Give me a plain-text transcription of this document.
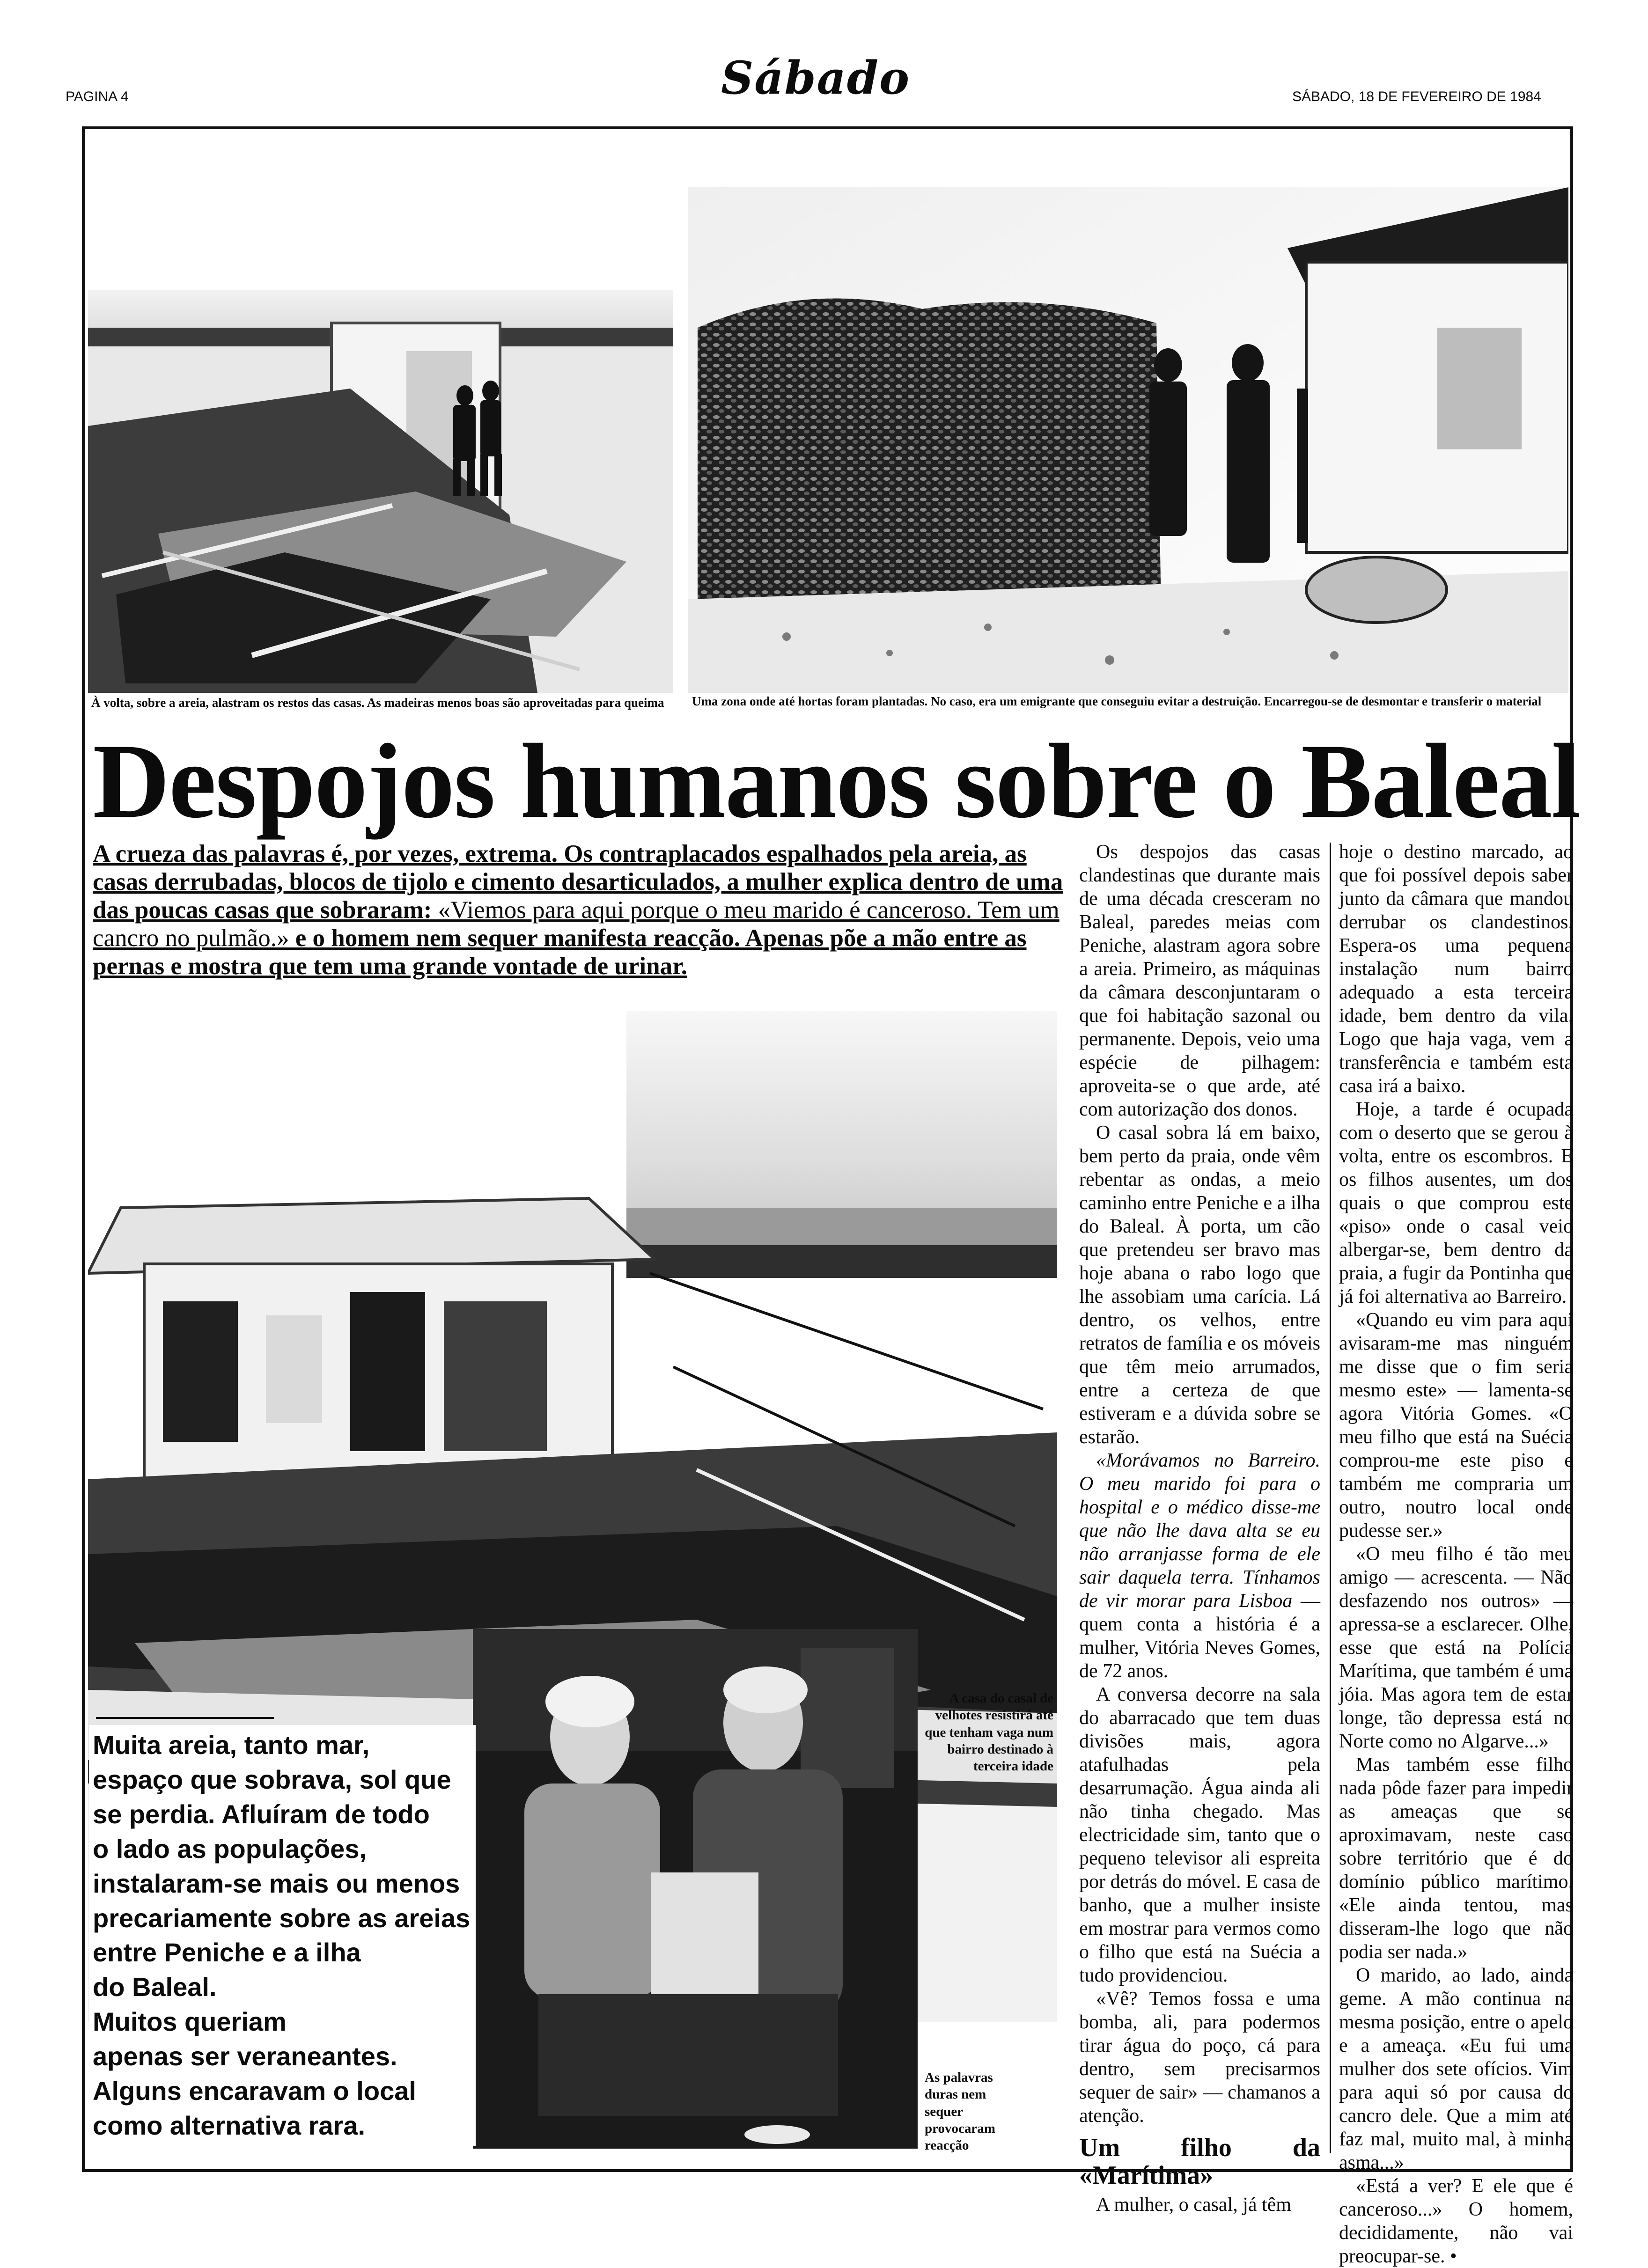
PAGINA 4	Sábado	SÁBADO, 18 DE FEVEREIRO DE 1984
À volta, sobre a areia, alastram os restos das casas. As madeiras menos boas são aproveitadas para queima Uma zona onde até hortas foram plantadas. No caso, era um emigrante que conseguiu evitar a destruição. Encarregou-se de desmontar e transferir o material
Despojos humanos sobre o Baleal
A crueza das palavras é, por vezes, extrema. Os contraplacados espalhados pela areia, as casas derrubadas, blocos de tijolo e cimento desarticulados, a mulher explica dentro de uma das poucas casas que sobraram: «Viemos para aqui porque o meu marido é canceroso. Tem um cancro no pulmão.» e o homem nem sequer manifesta reacção. Apenas põe a mão entre as pernas e mostra que tem uma grande vontade de urinar.
A casa do casal de velhotes resistirá até que tenham vaga num bairro destinado à terceira idade
As palavras duras nem sequer provocaram reacção
Muita areia, tanto mar,
espaço que sobrava, sol que
se perdia. Afluíram de todo
o lado as populações,
instalaram-se mais ou menos
precariamente sobre as areias
entre Peniche e a ilha
do Baleal.
Muitos queriam
apenas ser veraneantes.
Alguns encaravam o local
como alternativa rara.

Os despojos das casas clandestinas que durante mais de uma década cresceram no Baleal, paredes meias com Peniche, alastram agora sobre a areia. Primeiro, as máquinas da câmara desconjuntaram o que foi habitação sazonal ou permanente. Depois, veio uma espécie de pilhagem: aproveita-se o que arde, até com autorização dos donos.

O casal sobra lá em baixo, bem perto da praia, onde vêm rebentar as ondas, a meio caminho entre Peniche e a ilha do Baleal. À porta, um cão que pretendeu ser bravo mas hoje abana o rabo logo que lhe assobiam uma carícia. Lá dentro, os velhos, entre retratos de família e os móveis que têm meio arrumados, entre a certeza de que estiveram e a dúvida sobre se estarão.

«Morávamos no Barreiro. O meu marido foi para o hospital e o médico disse-me que não lhe dava alta se eu não arranjasse forma de ele sair daquela terra. Tínhamos de vir morar para Lisboa — quem conta a história é a mulher, Vitória Neves Gomes, de 72 anos.

A conversa decorre na sala do abarracado que tem duas divisões mais, agora atafulhadas pela desarrumação. Água ainda ali não tinha chegado. Mas electricidade sim, tanto que o pequeno televisor ali espreita por detrás do móvel. E casa de banho, que a mulher insiste em mostrar para vermos como o filho que está na Suécia a tudo providenciou.

«Vê? Temos fossa e uma bomba, ali, para podermos tirar água do poço, cá para dentro, sem precisarmos sequer de sair» — chamanos a atenção.

Um filho da «Marítima»

A mulher, o casal, já têm

hoje o destino marcado, ao que foi possível depois saber junto da câmara que mandou derrubar os clandestinos. Espera-os uma pequena instalação num bairro adequado a esta terceira idade, bem dentro da vila. Logo que haja vaga, vem a transferência e também esta casa irá a baixo.

Hoje, a tarde é ocupada com o deserto que se gerou à volta, entre os escombros. E os filhos ausentes, um dos quais o que comprou este «piso» onde o casal veio albergar-se, bem dentro da praia, a fugir da Pontinha que já foi alternativa ao Barreiro.

«Quando eu vim para aqui avisaram-me mas ninguém me disse que o fim seria mesmo este» — lamenta-se agora Vitória Gomes. «O meu filho que está na Suécia comprou-me este piso e também me compraria um outro, noutro local onde pudesse ser.»

«O meu filho é tão meu amigo — acrescenta. — Não desfazendo nos outros» — apressa-se a esclarecer. Olhe, esse que está na Polícia Marítima, que também é uma jóia. Mas agora tem de estar longe, tão depressa está no Norte como no Algarve...»

Mas também esse filho nada pôde fazer para impedir as ameaças que se aproximavam, neste caso sobre território que é do domínio público marítimo. «Ele ainda tentou, mas disseram-lhe logo que não podia ser nada.»

O marido, ao lado, ainda geme. A mão continua na mesma posição, entre o apelo e a ameaça. «Eu fui uma mulher dos sete ofícios. Vim para aqui só por causa do cancro dele. Que a mim até faz mal, muito mal, à minha asma...»

«Está a ver? E ele que é canceroso...» O homem, decididamente, não vai preocupar-se. •
